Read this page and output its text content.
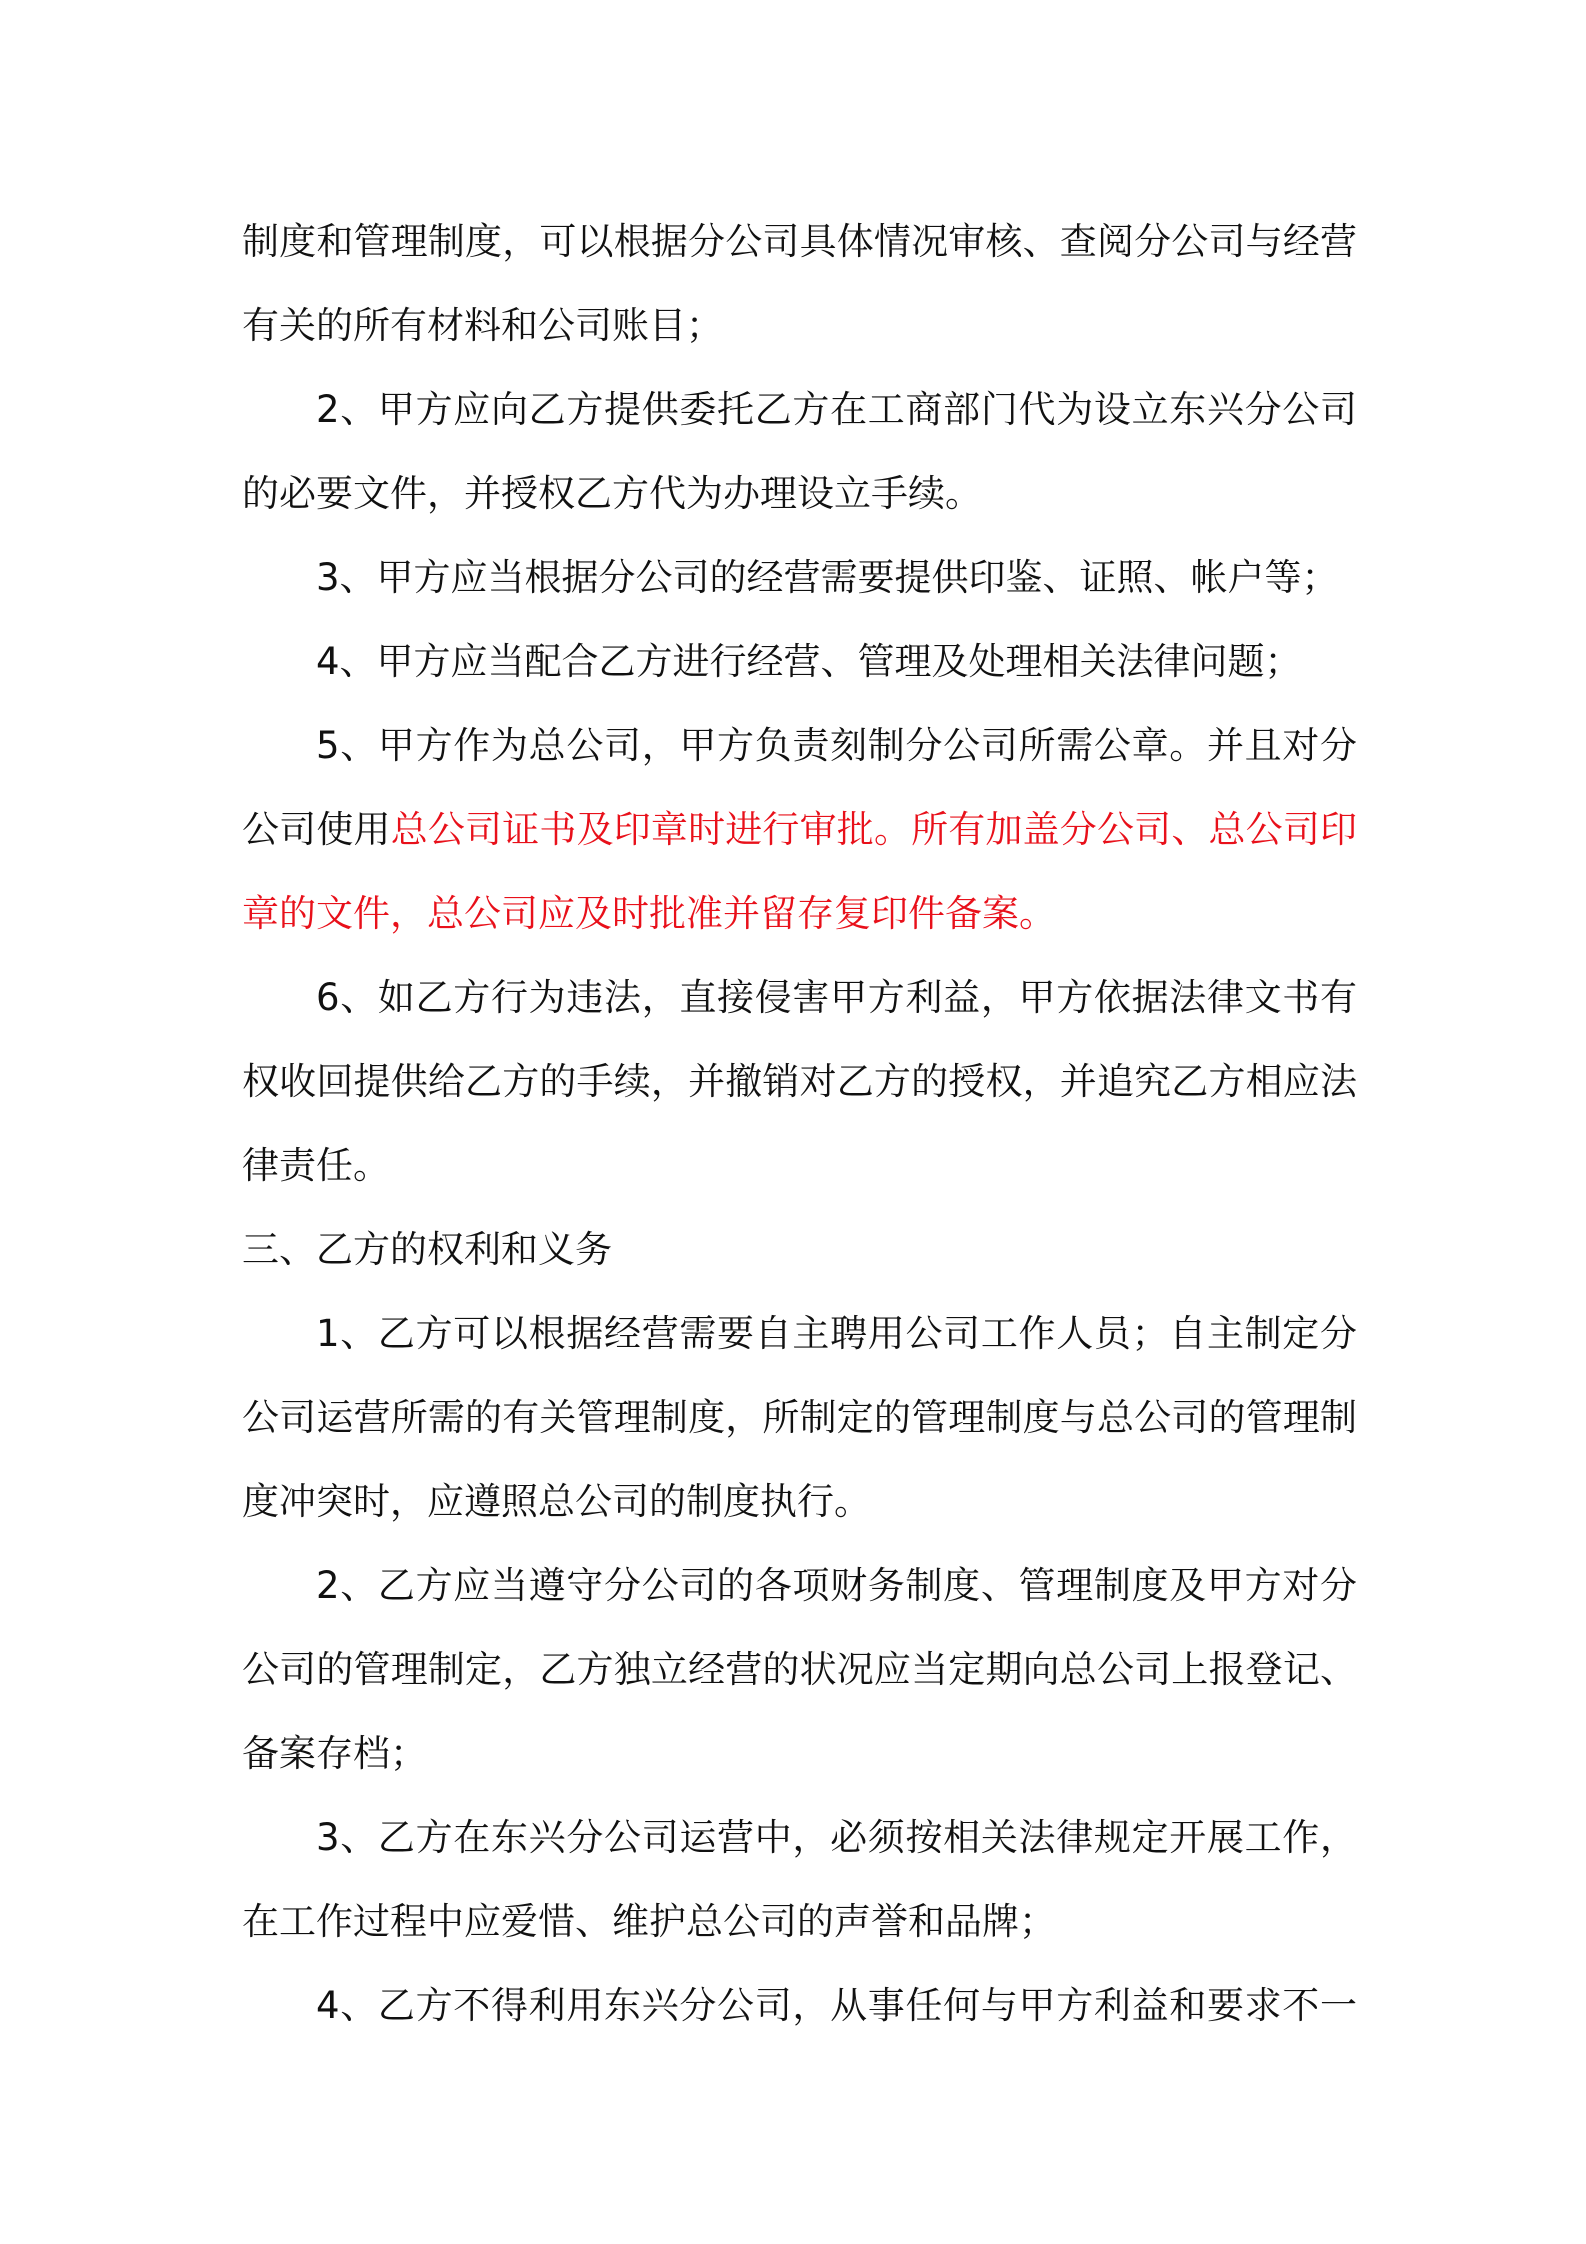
制度和管理制度，可以根据分公司具体情况审核、查阅分公司与经营
有关的所有材料和公司账目；
2、甲方应向乙方提供委托乙方在工商部门代为设立东兴分公司
的必要文件，并授权乙方代为办理设立手续。
3、甲方应当根据分公司的经营需要提供印鉴、证照、帐户等；
4、甲方应当配合乙方进行经营、管理及处理相关法律问题；
5、甲方作为总公司，甲方负责刻制分公司所需公章。并且对分
公司使用总公司证书及印章时进行审批。所有加盖分公司、总公司印
章的文件，总公司应及时批准并留存复印件备案。
6、如乙方行为违法，直接侵害甲方利益，甲方依据法律文书有
权收回提供给乙方的手续，并撤销对乙方的授权，并追究乙方相应法
律责任。
三、乙方的权利和义务
1、乙方可以根据经营需要自主聘用公司工作人员；自主制定分
公司运营所需的有关管理制度，所制定的管理制度与总公司的管理制
度冲突时，应遵照总公司的制度执行。
2、乙方应当遵守分公司的各项财务制度、管理制度及甲方对分
公司的管理制定，乙方独立经营的状况应当定期向总公司上报登记、
备案存档；
3、乙方在东兴分公司运营中，必须按相关法律规定开展工作，
在工作过程中应爱惜、维护总公司的声誉和品牌；
4、乙方不得利用东兴分公司，从事任何与甲方利益和要求不一
